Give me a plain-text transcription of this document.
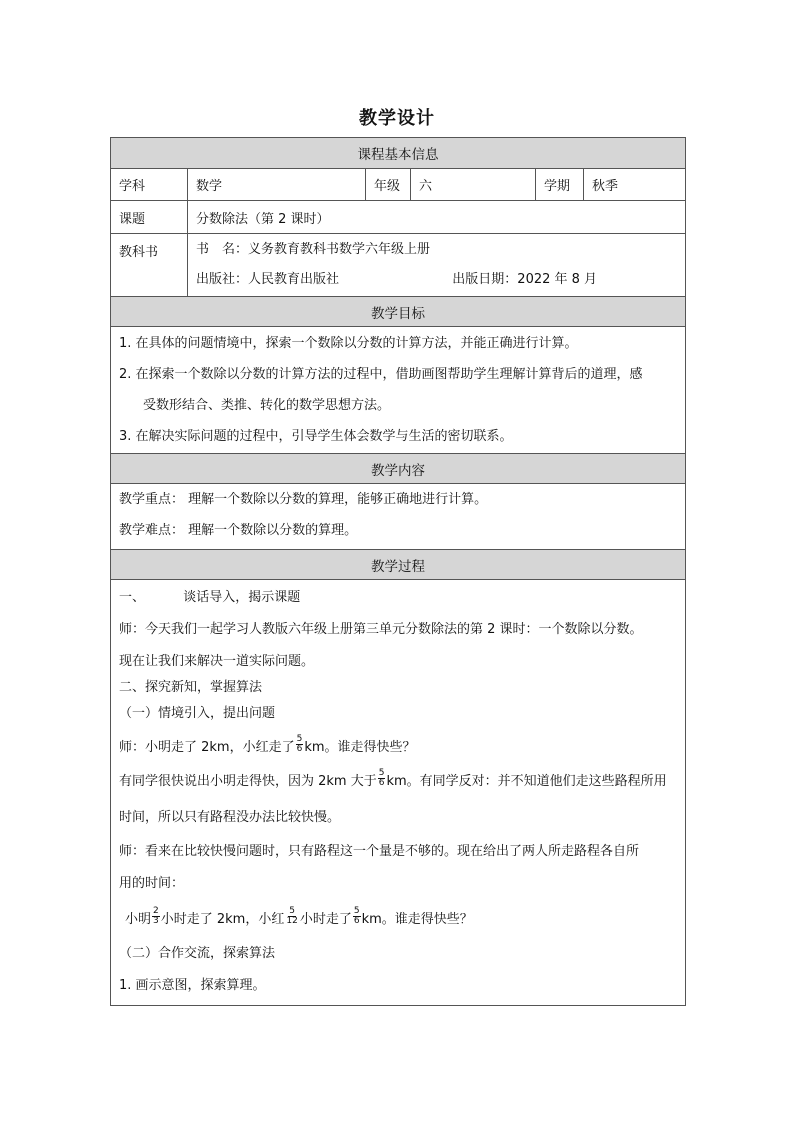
教学设计
课程基本信息
学科	数学	年级	六	学期	秋季
课题	分数除法（第 2 课时）
教科书	书　名：义务教育教科书数学六年级上册
出版社：人民教育出版社	出版日期：2022 年 8 月
教学目标
1. 在具体的问题情境中，探索一个数除以分数的计算方法，并能正确进行计算。
2. 在探索一个数除以分数的计算方法的过程中，借助画图帮助学生理解计算背后的道理，感
受数形结合、类推、转化的数学思想方法。
3. 在解决实际问题的过程中，引导学生体会数学与生活的密切联系。
教学内容
教学重点： 理解一个数除以分数的算理，能够正确地进行计算。
教学难点： 理解一个数除以分数的算理。
教学过程
一、	谈话导入，揭示课题
师：今天我们一起学习人教版六年级上册第三单元分数除法的第 2 课时：一个数除以分数。
现在让我们来解决一道实际问题。
二、探究新知，掌握算法
（一）情境引入，提出问题
师：小明走了 2km，小红走了 $\frac{5}{6}$ km。谁走得快些？
有同学很快说出小明走得快，因为 2km 大于 $\frac{5}{6}$ km。有同学反对：并不知道他们走这些路程所用
时间，所以只有路程没办法比较快慢。
师：看来在比较快慢问题时，只有路程这一个量是不够的。现在给出了两人所走路程各自所
用的时间：
小明 $\frac{2}{3}$ 小时走了 2km，小红 $\frac{5}{12}$ 小时走了 $\frac{5}{6}$ km。谁走得快些？
（二）合作交流，探索算法
1. 画示意图，探索算理。
